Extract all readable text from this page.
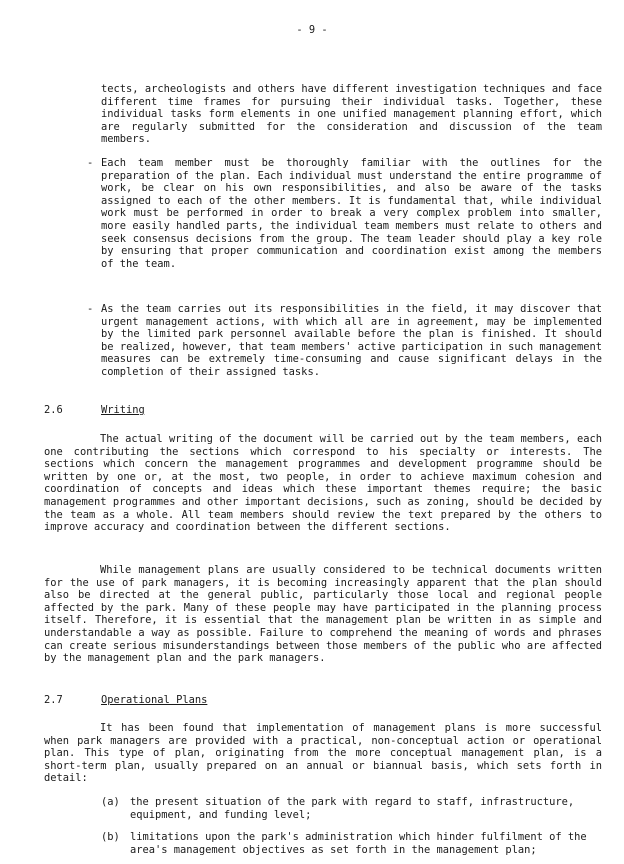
- 9 -

tects, archeologists and others have different investigation techniques and face different time frames for pursuing their individual tasks. Together, these individual tasks form elements in one unified management planning effort, which are regularly submitted for the consideration and discussion of the team members.

- Each team member must be thoroughly familiar with the outlines for the preparation of the plan. Each individual must understand the entire programme of work, be clear on his own responsibilities, and also be aware of the tasks assigned to each of the other members. It is fundamental that, while individual work must be performed in order to break a very complex problem into smaller, more easily handled parts, the individual team members must relate to others and seek consensus decisions from the group. The team leader should play a key role by ensuring that proper communication and coordination exist among the members of the team.

- As the team carries out its responsibilities in the field, it may discover that urgent management actions, with which all are in agreement, may be implemented by the limited park personnel available before the plan is finished. It should be realized, however, that team members' active participation in such management measures can be extremely time-consuming and cause significant delays in the completion of their assigned tasks.

2.6	Writing

The actual writing of the document will be carried out by the team members, each one contributing the sections which correspond to his specialty or interests. The sections which concern the management programmes and development programme should be written by one or, at the most, two people, in order to achieve maximum cohesion and coordination of concepts and ideas which these important themes require; the basic management programmes and other important decisions, such as zoning, should be decided by the team as a whole. All team members should review the text prepared by the others to improve accuracy and coordination between the different sections.

While management plans are usually considered to be technical documents written for the use of park managers, it is becoming increasingly apparent that the plan should also be directed at the general public, particularly those local and regional people affected by the park. Many of these people may have participated in the planning process itself. Therefore, it is essential that the management plan be written in as simple and understandable a way as possible. Failure to comprehend the meaning of words and phrases can create serious misunderstandings between those members of the public who are affected by the management plan and the park managers.

2.7	Operational Plans

It has been found that implementation of management plans is more successful when park managers are provided with a practical, non-conceptual action or operational plan. This type of plan, originating from the more conceptual management plan, is a short-term plan, usually prepared on an annual or biannual basis, which sets forth in detail:

(a) the present situation of the park with regard to staff, infrastructure, equipment, and funding level;

(b) limitations upon the park's administration which hinder fulfilment of the area's management objectives as set forth in the management plan;
